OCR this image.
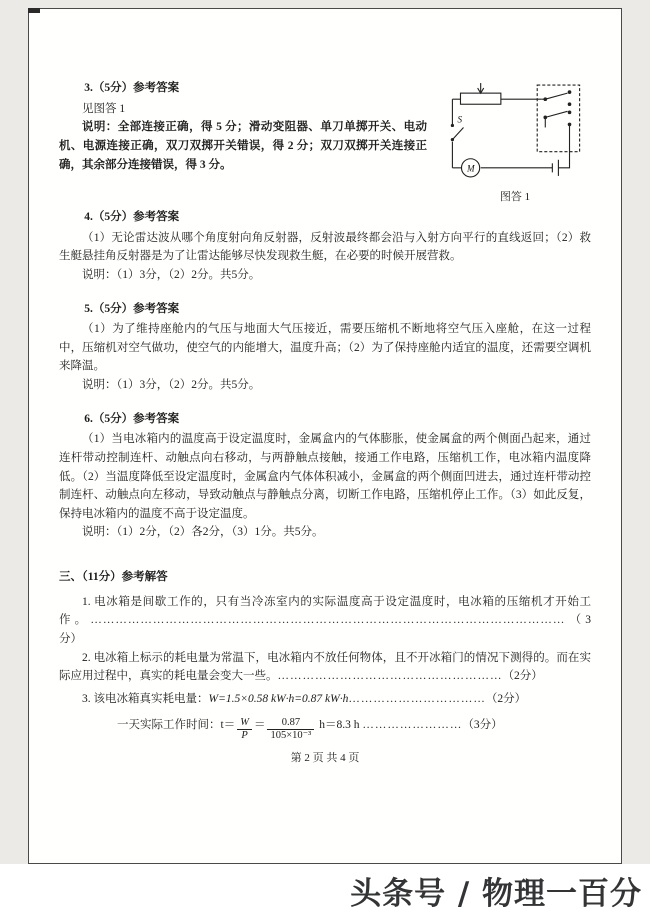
M
S
图答 1

3.（5分）参考答案

见图答 1

说明：全部连接正确，得 5 分；滑动变阻器、单刀单掷开关、电动机、电源连接正确，双刀双掷开关错误，得 2 分；双刀双掷开关连接正确，其余部分连接错误，得 3 分。

4.（5分）参考答案

（1）无论雷达波从哪个角度射向角反射器，反射波最终都会沿与入射方向平行的直线返回；（2）救生艇悬挂角反射器是为了让雷达能够尽快发现救生艇，在必要的时候开展营救。

说明：（1）3分，（2）2分。共5分。

5.（5分）参考答案

（1）为了维持座舱内的气压与地面大气压接近，需要压缩机不断地将空气压入座舱，在这一过程中，压缩机对空气做功，使空气的内能增大，温度升高；（2）为了保持座舱内适宜的温度，还需要空调机来降温。

说明：（1）3分，（2）2分。共5分。

6.（5分）参考答案

（1）当电冰箱内的温度高于设定温度时，金属盒内的气体膨胀，使金属盒的两个侧面凸起来，通过连杆带动控制连杆、动触点向右移动，与两静触点接触，接通工作电路，压缩机工作，电冰箱内温度降低。（2）当温度降低至设定温度时，金属盒内气体体积减小，金属盒的两个侧面凹进去，通过连杆带动控制连杆、动触点向左移动，导致动触点与静触点分离，切断工作电路，压缩机停止工作。（3）如此反复，保持电冰箱内的温度不高于设定温度。

说明：（1）2分，（2）各2分，（3）1分。共5分。

三、（11分）参考解答

1. 电冰箱是间歇工作的，只有当冷冻室内的实际温度高于设定温度时，电冰箱的压缩机才开始工作。……………………………………………………………………………………………………（3分）

2. 电冰箱上标示的耗电量为常温下，电冰箱内不放任何物体，且不开冰箱门的情况下测得的。而在实际应用过程中，真实的耗电量会变大一些。………………………………………………（2分）

3. 该电冰箱真实耗电量：W=1.5×0.58 kW·h=0.87 kW·h……………………………（2分）

一天实际工作时间：$t= \frac{W}{P} = \frac{0.87}{\text{105×10⁻³}} h=8.3$ h ……………………（3分）

第 2 页 共 4 页
头条号 / 物理一百分
